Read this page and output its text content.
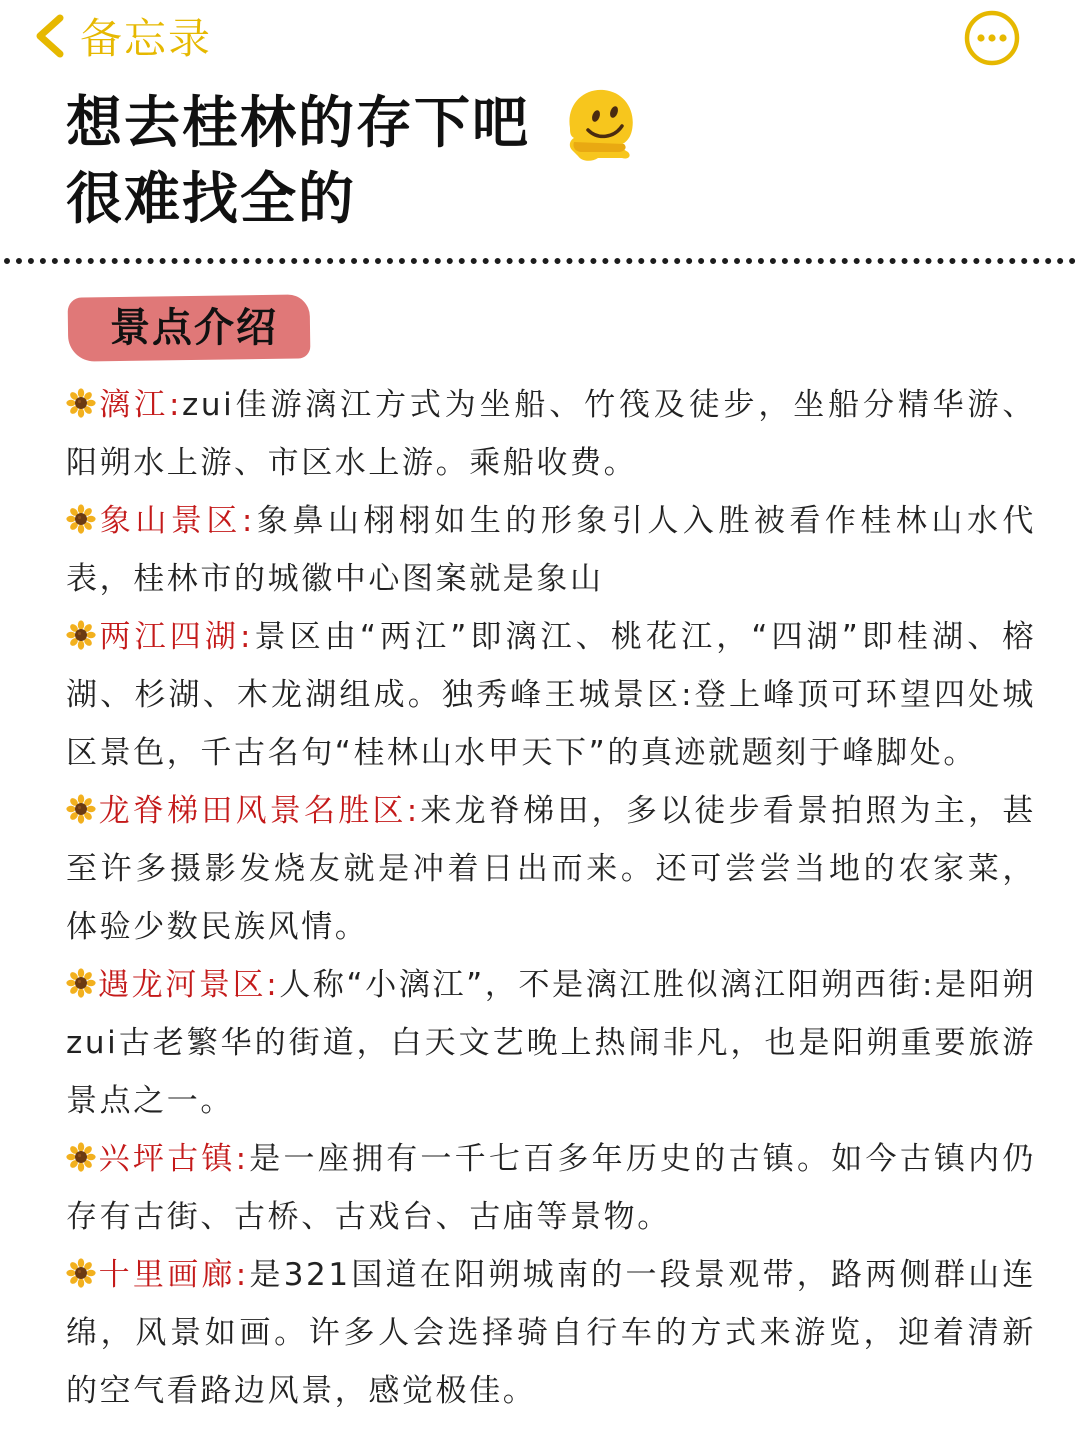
备忘录
想去桂林的存下吧
很难找全的
景点介绍

漓江:zui佳游漓江方式为坐船、竹筏及徒步，坐船分精华游、阳朔水上游、市区水上游。乘船收费。

象山景区:象鼻山栩栩如生的形象引人入胜被看作桂林山水代表，桂林市的城徽中心图案就是象山

两江四湖:景区由“两江”即漓江、桃花江，“四湖”即桂湖、榕湖、杉湖、木龙湖组成。独秀峰王城景区:登上峰顶可环望四处城区景色，千古名句“桂林山水甲天下”的真迹就题刻于峰脚处。

龙脊梯田风景名胜区:来龙脊梯田，多以徒步看景拍照为主，甚至许多摄影发烧友就是冲着日出而来。还可尝尝当地的农家菜，体验少数民族风情。

遇龙河景区:人称“小漓江”，不是漓江胜似漓江阳朔西街:是阳朔zui古老繁华的街道，白天文艺晚上热闹非凡，也是阳朔重要旅游景点之一。

兴坪古镇:是一座拥有一千七百多年历史的古镇。如今古镇内仍存有古街、古桥、古戏台、古庙等景物。

十里画廊:是321国道在阳朔城南的一段景观带，路两侧群山连绵，风景如画。许多人会选择骑自行车的方式来游览，迎着清新的空气看路边风景，感觉极佳。
